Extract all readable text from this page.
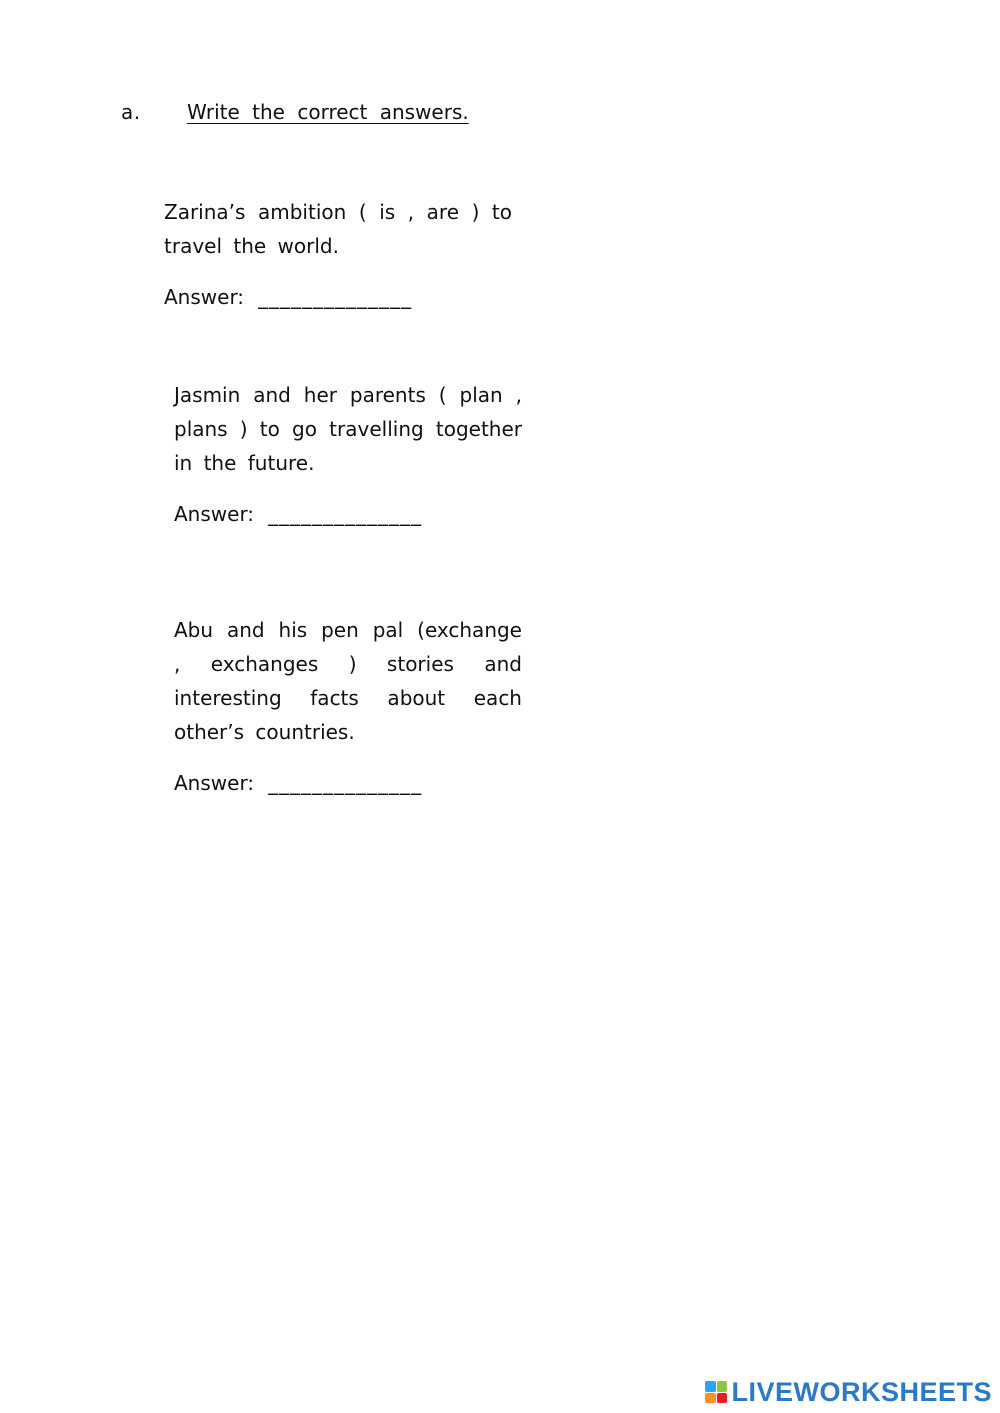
a. Write the correct answers.
Zarina’s ambition ( is , are ) to travel the world.
Answer: ______________
Jasmin and her parents ( plan , plans ) to go travelling together in the future.
Answer: ______________
Abu and his pen pal (exchange , exchanges ) stories and interesting facts about each other’s countries.
Answer: ______________
LIVEWORKSHEETS
